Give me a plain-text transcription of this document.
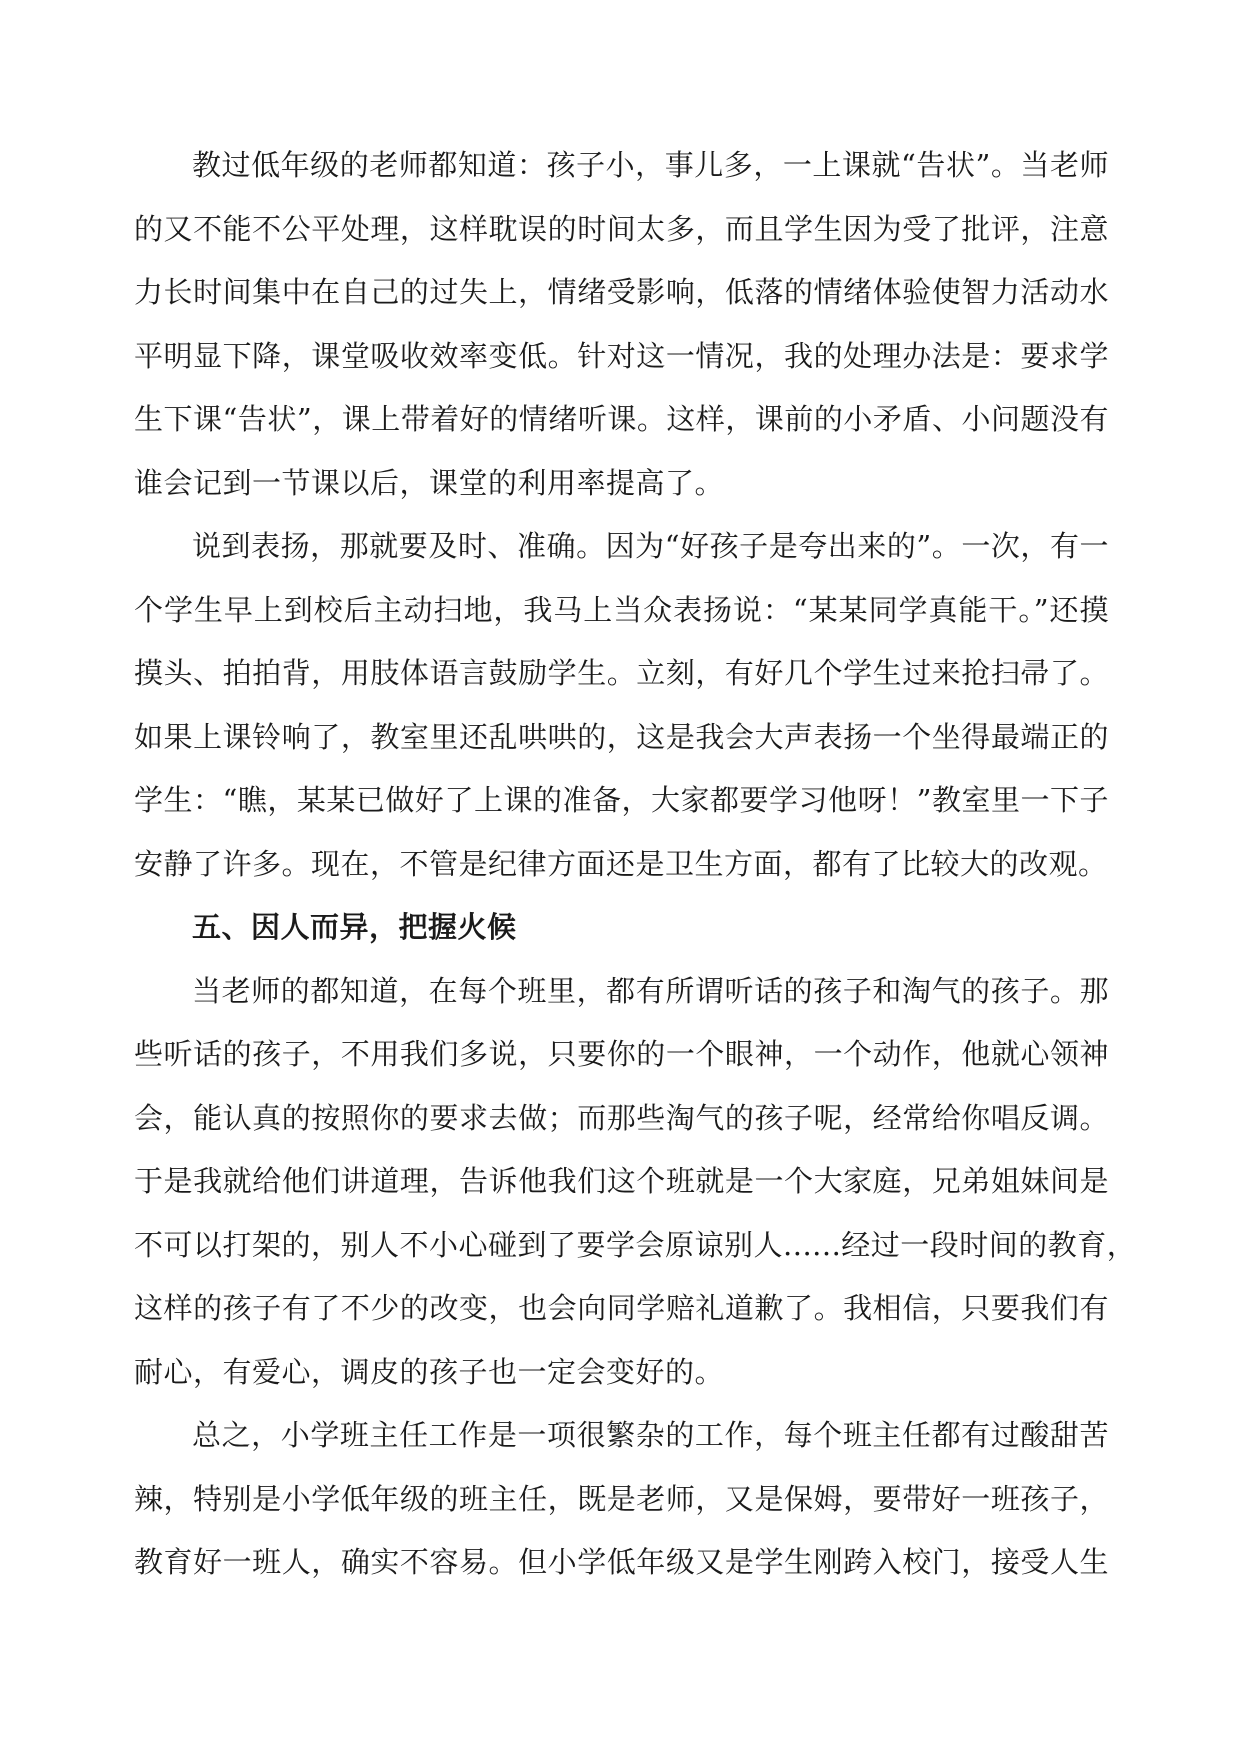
教过低年级的老师都知道：孩子小，事儿多，一上课就“告状”。当老师
的又不能不公平处理，这样耽误的时间太多，而且学生因为受了批评，注意
力长时间集中在自己的过失上，情绪受影响，低落的情绪体验使智力活动水
平明显下降，课堂吸收效率变低。针对这一情况，我的处理办法是：要求学
生下课“告状”，课上带着好的情绪听课。这样，课前的小矛盾、小问题没有
谁会记到一节课以后，课堂的利用率提高了。
说到表扬，那就要及时、准确。因为“好孩子是夸出来的”。一次，有一
个学生早上到校后主动扫地，我马上当众表扬说：“某某同学真能干。”还摸
摸头、拍拍背，用肢体语言鼓励学生。立刻，有好几个学生过来抢扫帚了。
如果上课铃响了，教室里还乱哄哄的，这是我会大声表扬一个坐得最端正的
学生：“瞧，某某已做好了上课的准备，大家都要学习他呀！”教室里一下子
安静了许多。现在，不管是纪律方面还是卫生方面，都有了比较大的改观。
五、因人而异，把握火候
当老师的都知道，在每个班里，都有所谓听话的孩子和淘气的孩子。那
些听话的孩子，不用我们多说，只要你的一个眼神，一个动作，他就心领神
会，能认真的按照你的要求去做；而那些淘气的孩子呢，经常给你唱反调。
于是我就给他们讲道理，告诉他我们这个班就是一个大家庭，兄弟姐妹间是
不可以打架的，别人不小心碰到了要学会原谅别人......经过一段时间的教育，
这样的孩子有了不少的改变，也会向同学赔礼道歉了。我相信，只要我们有
耐心，有爱心，调皮的孩子也一定会变好的。
总之，小学班主任工作是一项很繁杂的工作，每个班主任都有过酸甜苦
辣，特别是小学低年级的班主任，既是老师，又是保姆，要带好一班孩子，
教育好一班人，确实不容易。但小学低年级又是学生刚跨入校门，接受人生
